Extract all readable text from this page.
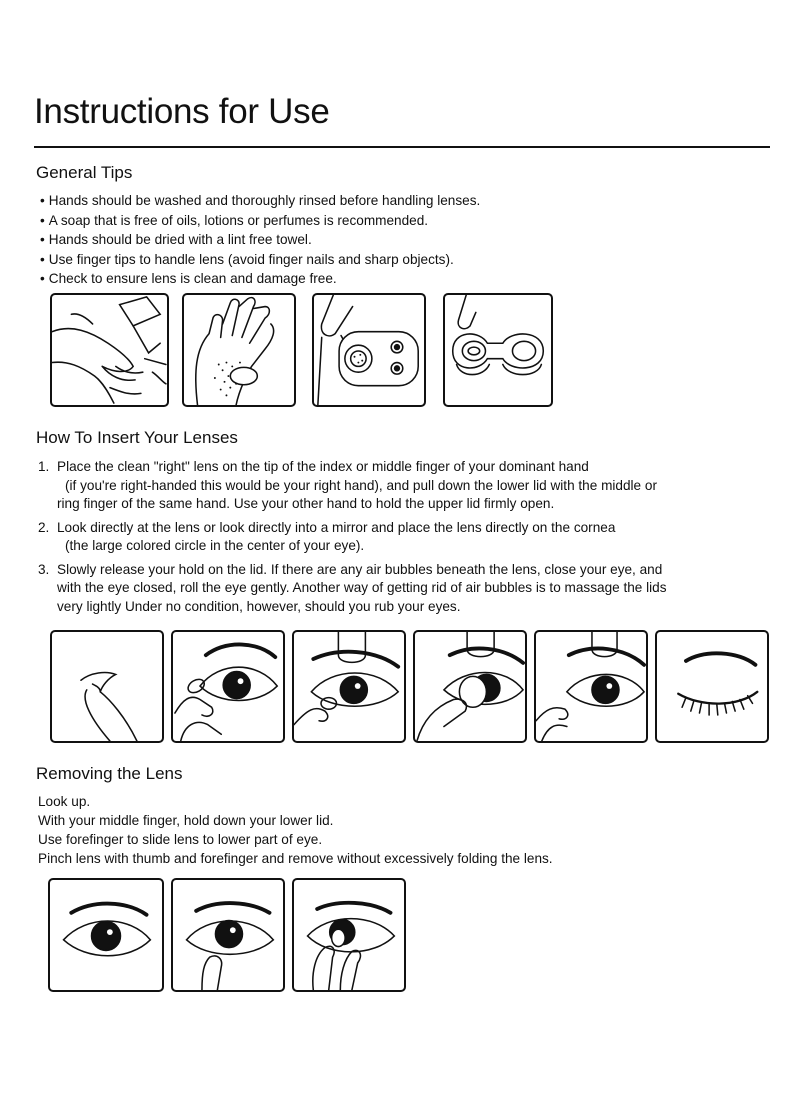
Instructions for Use
General Tips
• Hands should be washed and thoroughly rinsed before handling lenses.
• A soap that is free of oils, lotions or perfumes is recommended.
• Hands should be dried with a lint free towel.
• Use finger tips to handle lens (avoid finger nails and sharp objects).
• Check to ensure lens is clean and damage free.
How To Insert Your Lenses
1. Place the clean "right" lens on the tip of the index or middle finger of your dominant hand
(if you're right-handed this would be your right hand), and pull down the lower lid with the middle or
ring finger of the same hand. Use your other hand to hold the upper lid firmly open.
2. Look directly at the lens or look directly into a mirror and place the lens directly on the cornea
(the large colored circle in the center of your eye).
3. Slowly release your hold on the lid. If there are any air bubbles beneath the lens, close your eye, and
with the eye closed, roll the eye gently. Another way of getting rid of air bubbles is to massage the lids
very lightly Under no condition, however, should you rub your eyes.
Removing the Lens
Look up.
With your middle finger, hold down your lower lid.
Use forefinger to slide lens to lower part of eye.
Pinch lens with thumb and forefinger and remove without excessively folding the lens.
